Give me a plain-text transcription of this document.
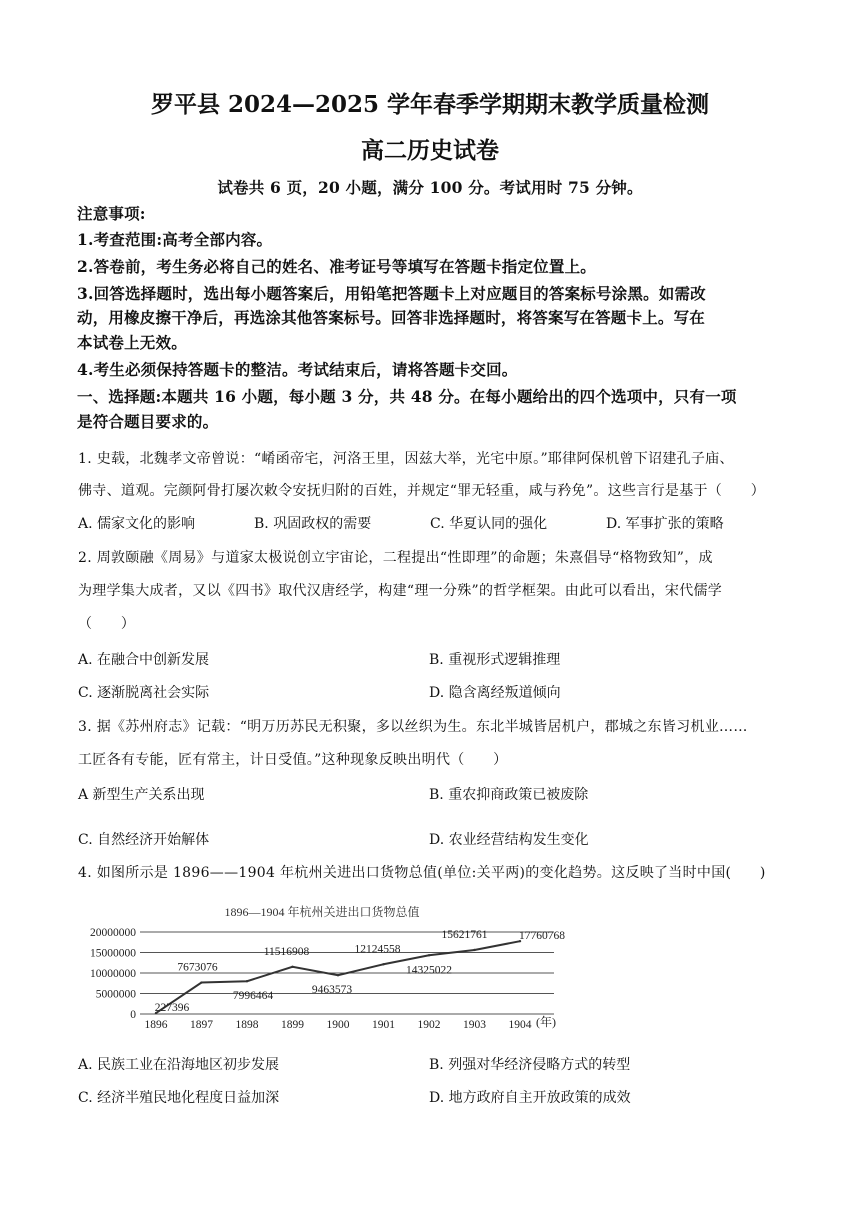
罗平县 2024—2025 学年春季学期期末教学质量检测
高二历史试卷
试卷共 6 页，20 小题，满分 100 分。考试用时 75 分钟。
注意事项:
1.考查范围:高考全部内容。
2.答卷前，考生务必将自己的姓名、准考证号等填写在答题卡指定位置上。
3.回答选择题时，选出每小题答案后，用铅笔把答题卡上对应题目的答案标号涂黑。如需改
动，用橡皮擦干净后，再选涂其他答案标号。回答非选择题时，将答案写在答题卡上。写在
本试卷上无效。
4.考生必须保持答题卡的整洁。考试结束后，请将答题卡交回。
一、选择题:本题共 16 小题，每小题 3 分，共 48 分。在每小题给出的四个选项中，只有一项
是符合题目要求的。
1. 史载，北魏孝文帝曾说：“崤函帝宅，河洛王里，因兹大举，光宅中原。”耶律阿保机曾下诏建孔子庙、
佛寺、道观。完颜阿骨打屡次敕令安抚归附的百姓，并规定“罪无轻重，咸与矜免”。这些言行是基于（　　）
A. 儒家文化的影响	B. 巩固政权的需要	C. 华夏认同的强化	D. 军事扩张的策略
2. 周敦颐融《周易》与道家太极说创立宇宙论，二程提出“性即理”的命题；朱熹倡导“格物致知”，成
为理学集大成者，又以《四书》取代汉唐经学，构建“理一分殊”的哲学框架。由此可以看出，宋代儒学
（　　）
A. 在融合中创新发展	B. 重视形式逻辑推理
C. 逐渐脱离社会实际	D. 隐含离经叛道倾向
3. 据《苏州府志》记载：“明万历苏民无积聚，多以丝织为生。东北半城皆居机户，郡城之东皆习机业……
工匠各有专能，匠有常主，计日受值。”这种现象反映出明代（　　）
A 新型生产关系出现	B. 重农抑商政策已被废除
C. 自然经济开始解体	D. 农业经营结构发生变化
4. 如图所示是 1896——1904 年杭州关进出口货物总值(单位:关平两)的变化趋势。这反映了当时中国(　　)
1896—1904 年杭州关进出口货物总值
0
5000000
10000000
15000000
20000000
1896 1897 1898 1899 1900 1901 1902 1903 1904
227396
7673076
7996464
11516908
9463573
12124558
14325022
15621761	17760768
(年)
A. 民族工业在沿海地区初步发展	B. 列强对华经济侵略方式的转型
C. 经济半殖民地化程度日益加深	D. 地方政府自主开放政策的成效
